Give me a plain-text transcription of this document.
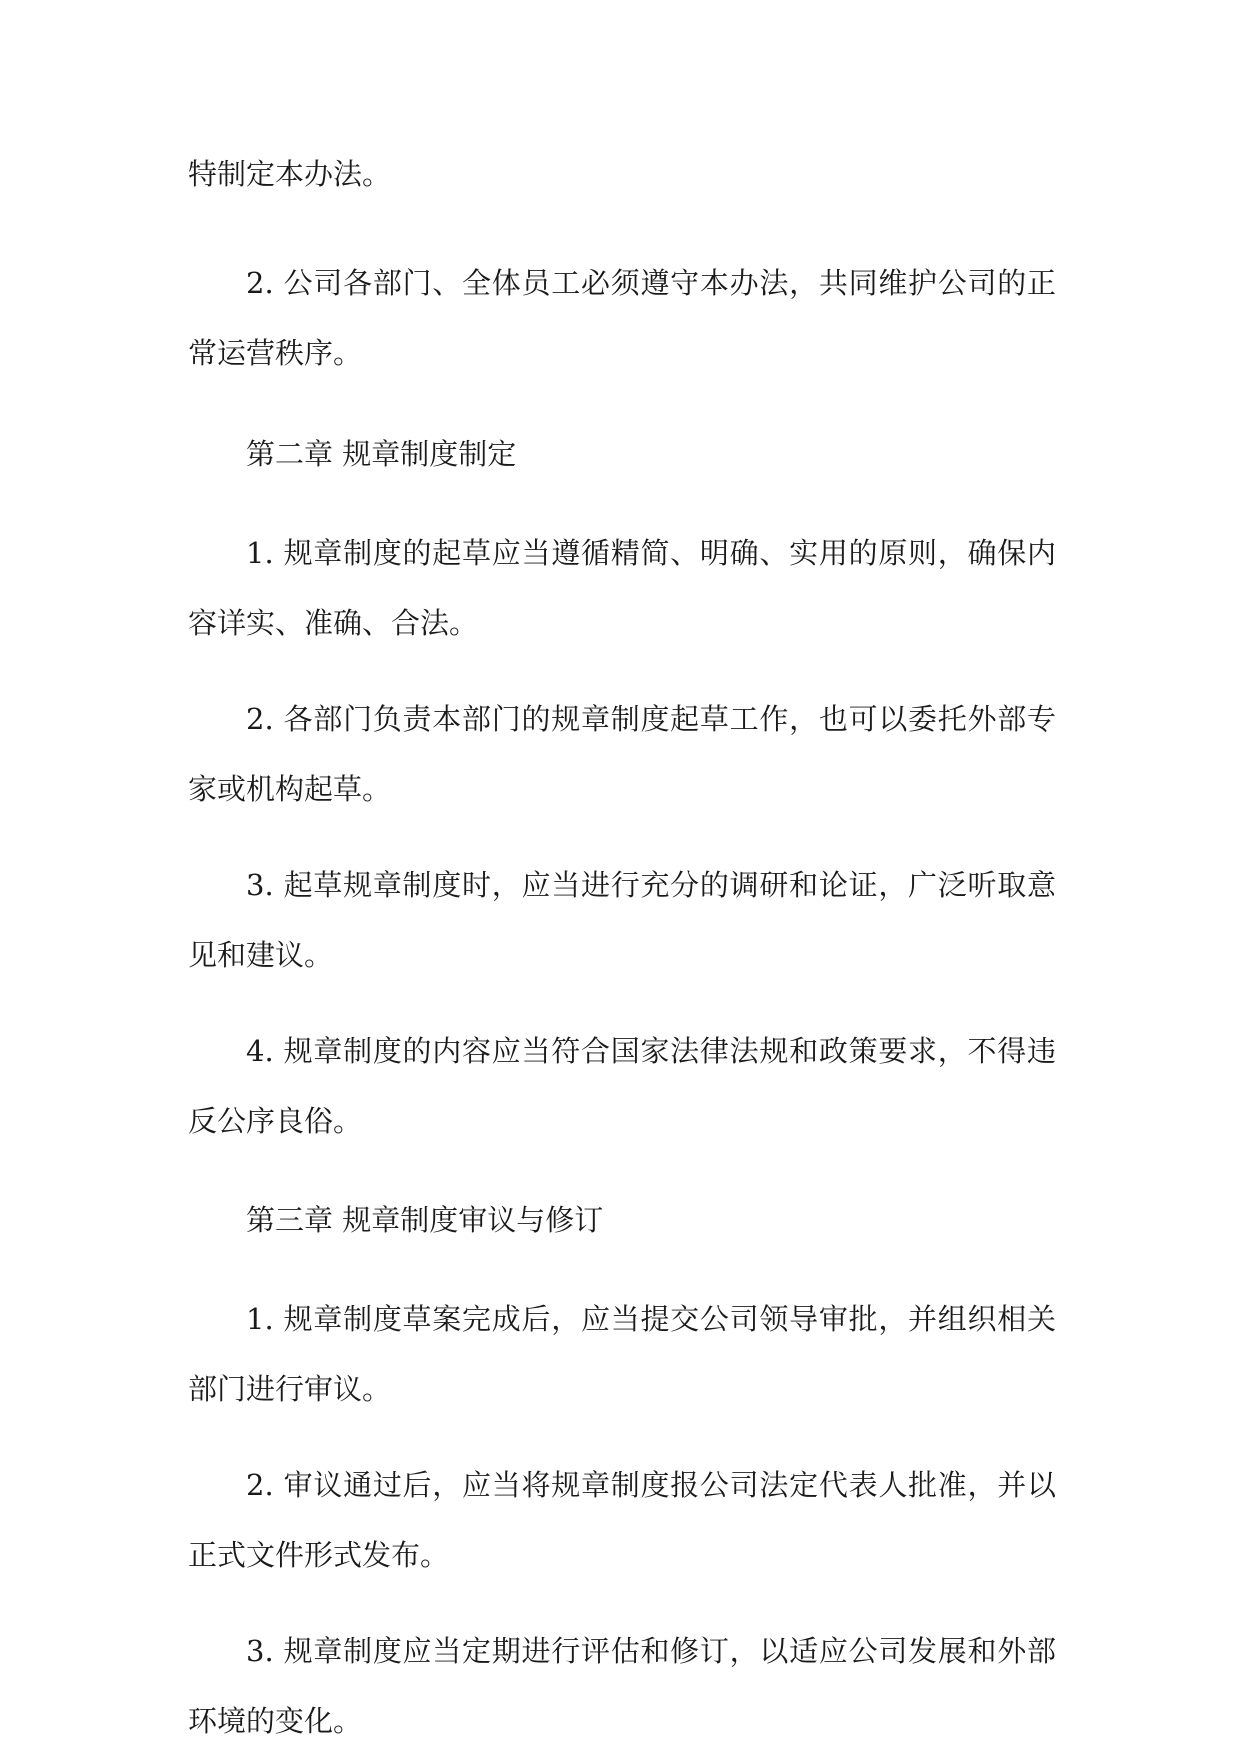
特制定本办法。

2. 公司各部门、全体员工必须遵守本办法，共同维护公司的正常运营秩序。

第二章 规章制度制定

1. 规章制度的起草应当遵循精简、明确、实用的原则，确保内容详实、准确、合法。

2. 各部门负责本部门的规章制度起草工作，也可以委托外部专家或机构起草。

3. 起草规章制度时，应当进行充分的调研和论证，广泛听取意见和建议。

4. 规章制度的内容应当符合国家法律法规和政策要求，不得违反公序良俗。

第三章 规章制度审议与修订

1. 规章制度草案完成后，应当提交公司领导审批，并组织相关部门进行审议。

2. 审议通过后，应当将规章制度报公司法定代表人批准，并以正式文件形式发布。

3. 规章制度应当定期进行评估和修订，以适应公司发展和外部环境的变化。
